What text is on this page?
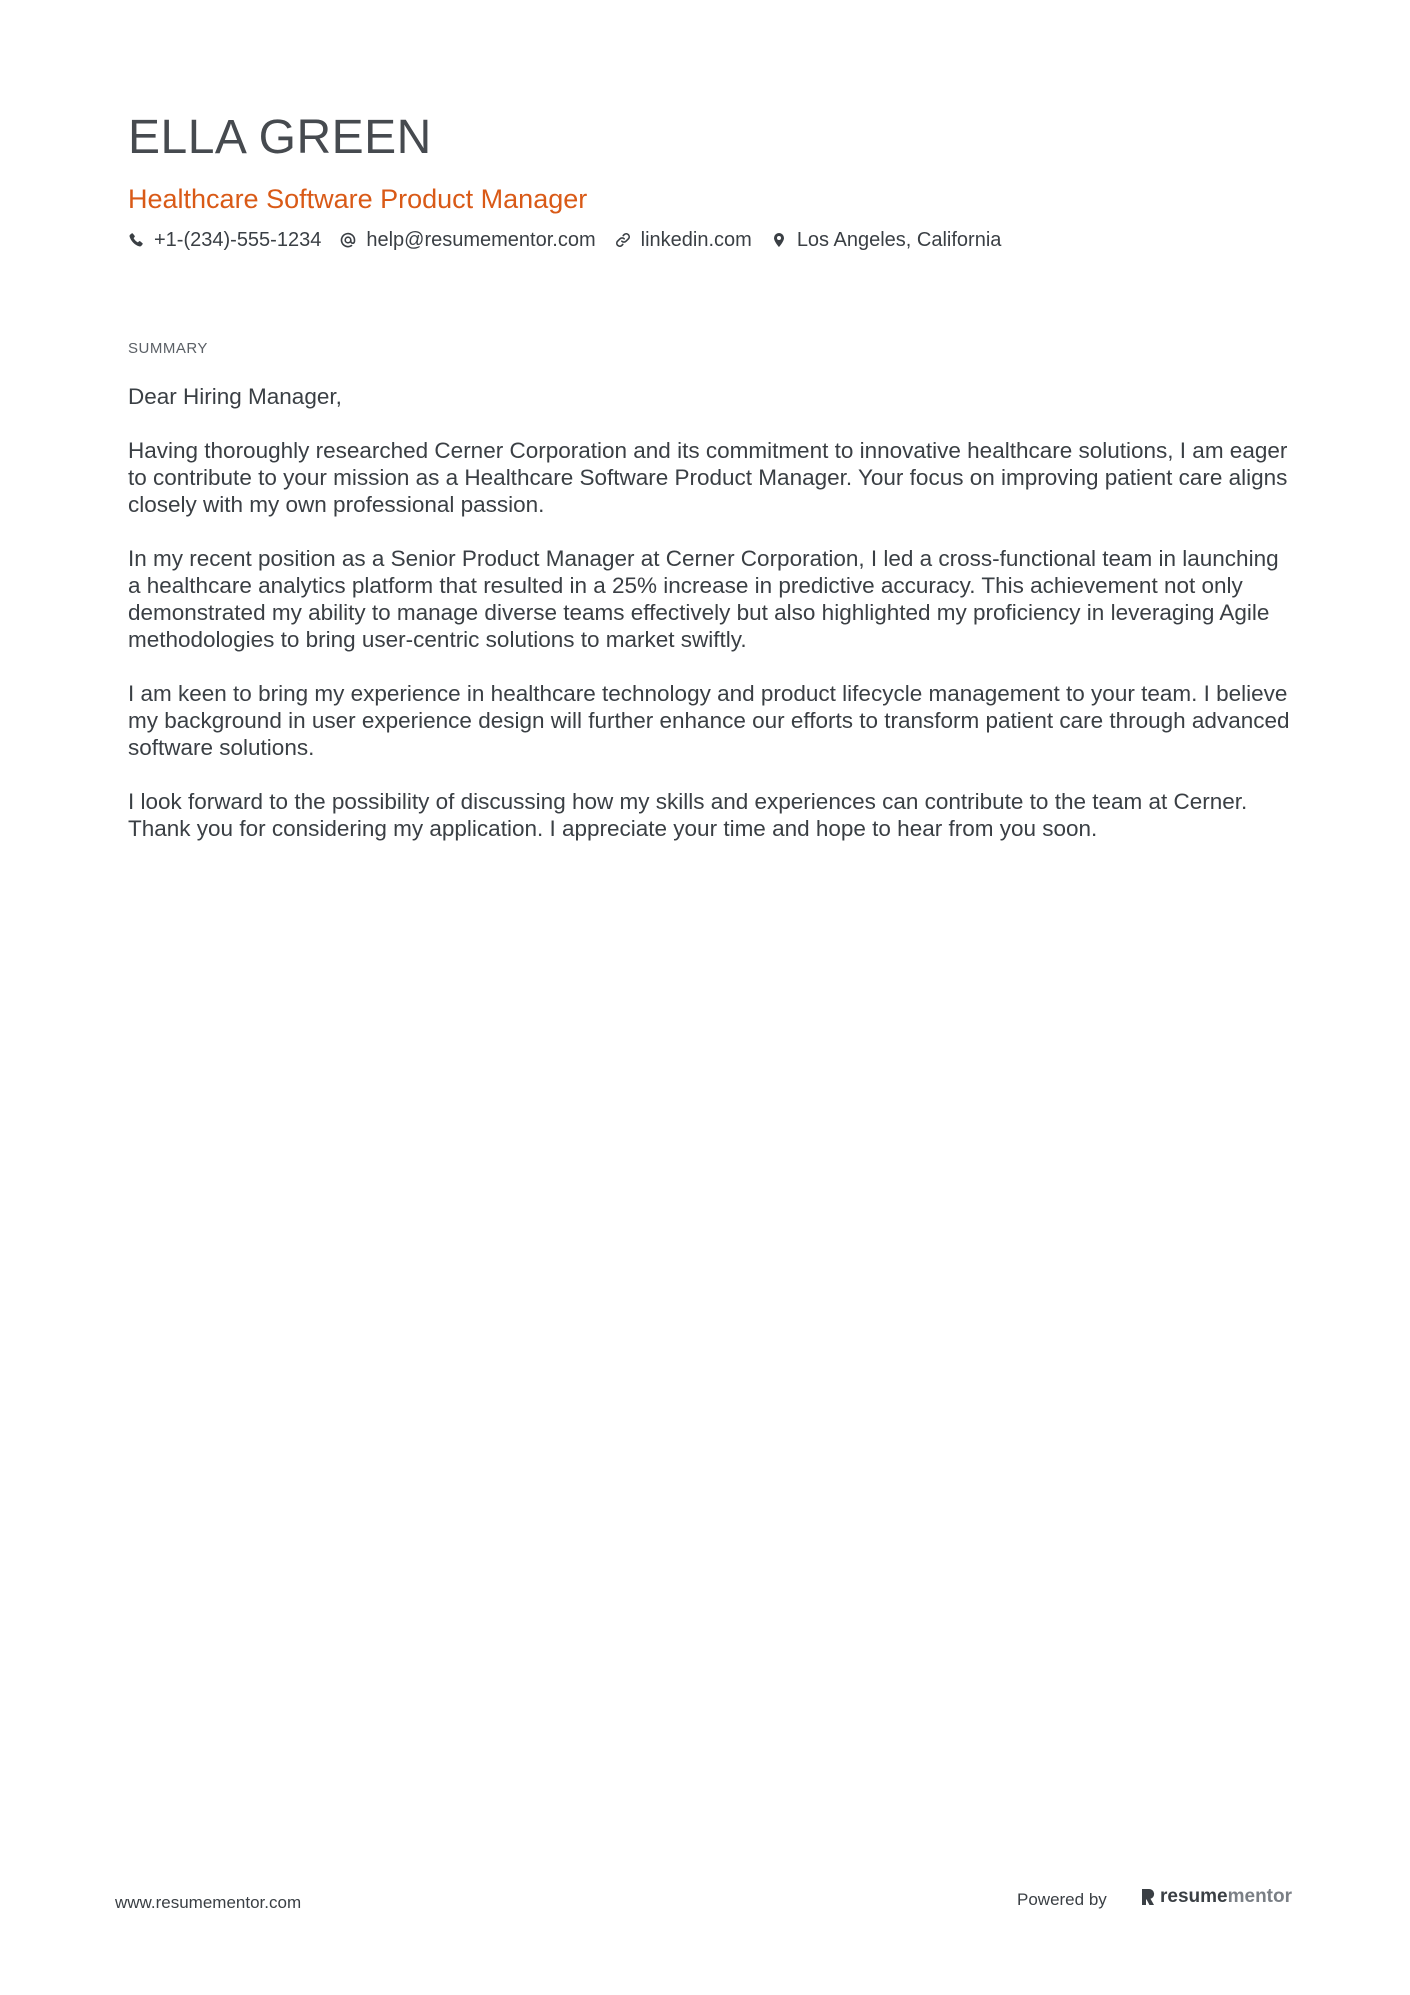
ELLA GREEN
Healthcare Software Product Manager
+1-(234)-555-1234 help@resumementor.com linkedin.com Los Angeles, California
SUMMARY

Dear Hiring Manager,

Having thoroughly researched Cerner Corporation and its commitment to innovative healthcare solutions, I am eager to contribute to your mission as a Healthcare Software Product Manager. Your focus on improving patient care aligns closely with my own professional passion.

In my recent position as a Senior Product Manager at Cerner Corporation, I led a cross-functional team in launching a healthcare analytics platform that resulted in a 25% increase in predictive accuracy. This achievement not only demonstrated my ability to manage diverse teams effectively but also highlighted my proficiency in leveraging Agile methodologies to bring user-centric solutions to market swiftly.

I am keen to bring my experience in healthcare technology and product lifecycle management to your team. I believe my background in user experience design will further enhance our efforts to transform patient care through advanced software solutions.

I look forward to the possibility of discussing how my skills and experiences can contribute to the team at Cerner. Thank you for considering my application. I appreciate your time and hope to hear from you soon.

www.resumementor.com	Powered by	resume mentor
